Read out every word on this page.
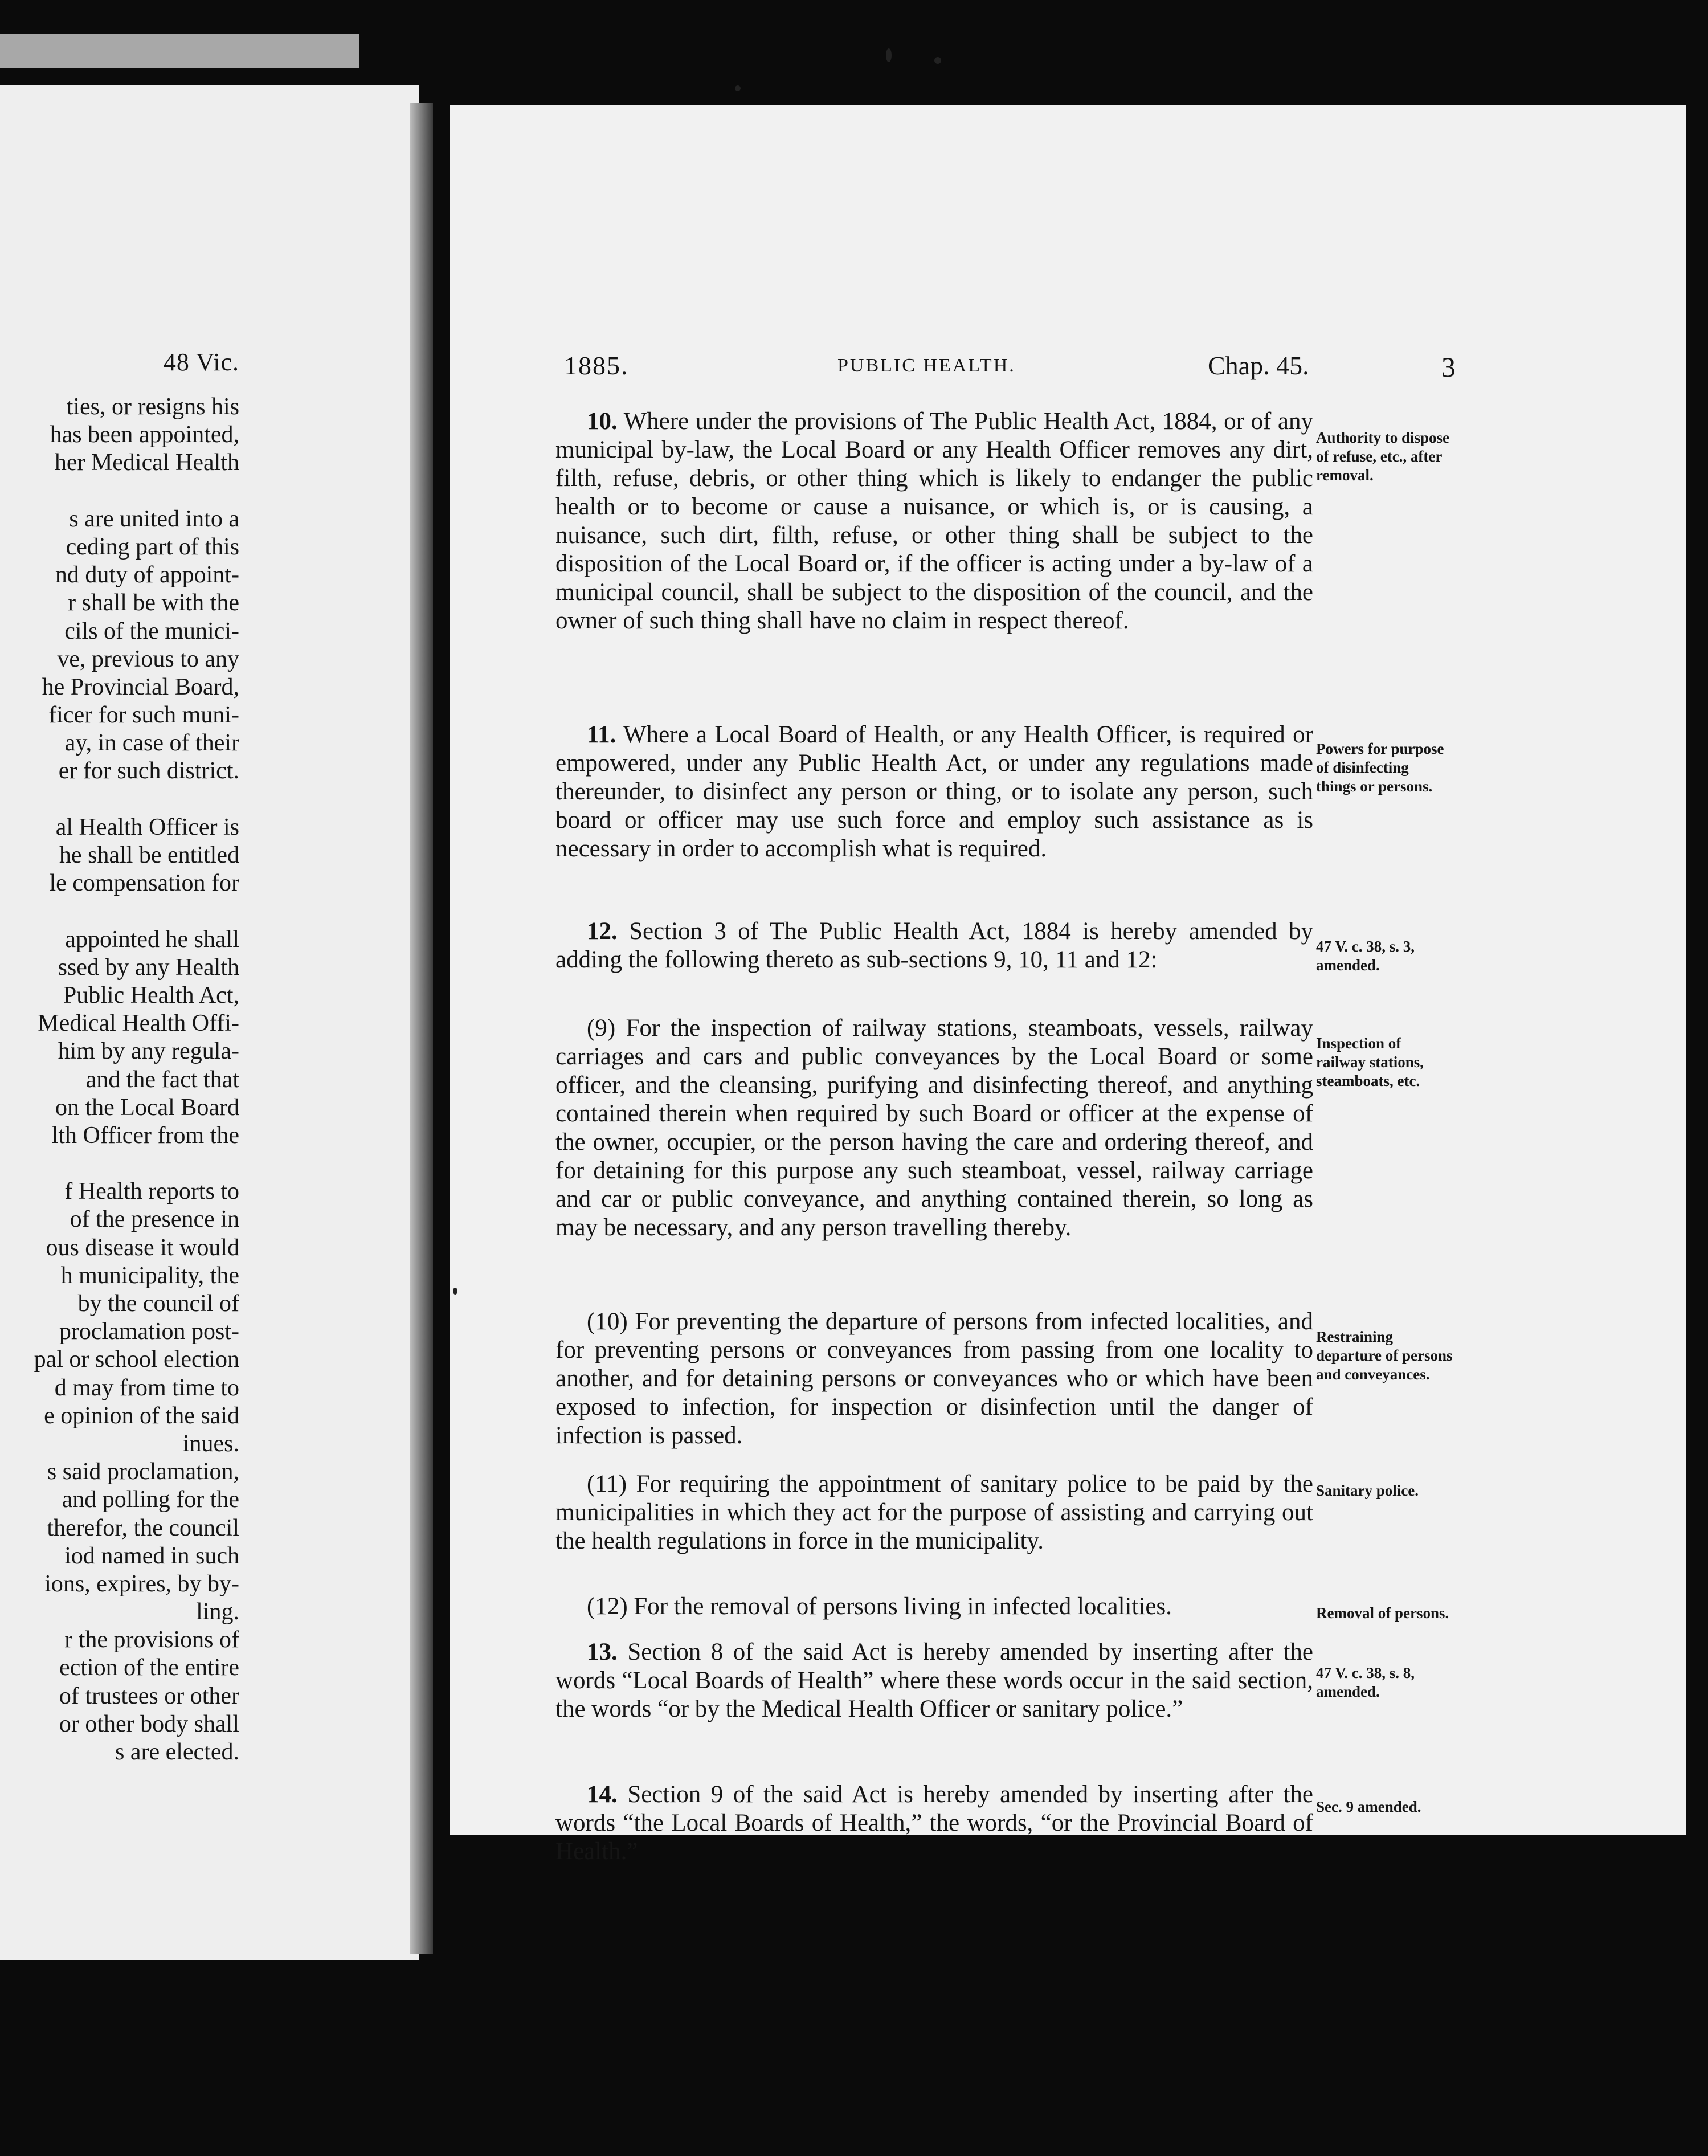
48 Vic.
ties, or resigns his
has been appointed,
her Medical Health

s are united into a
ceding part of this
nd duty of appoint-
r shall be with the
cils of the munici-
ve, previous to any
he Provincial Board,
ficer for such muni-
ay, in case of their
er for such district.

al Health Officer is
he shall be entitled
le compensation for

appointed he shall
ssed by any Health
Public Health Act,
Medical Health Offi-
him by any regula-
and the fact that
on the Local Board
lth Officer from the

f Health reports to
of the presence in
ous disease it would
h municipality, the
by the council of
proclamation post-
pal or school election
d may from time to
e opinion of the said
inues.
s said proclamation,
and polling for the
therefor, the council
iod named in such
ions, expires, by by-
ling.
r the provisions of
ection of the entire
of trustees or other
or other body shall
s are elected.
1885.	PUBLIC HEALTH.	Chap. 45.	3
10. Where under the provisions of The Public Health Act, 1884, or of any municipal by-law, the Local Board or any Health Officer removes any dirt, filth, refuse, debris, or other thing which is likely to endanger the public health or to become or cause a nuisance, or which is, or is causing, a nuisance, such dirt, filth, refuse, or other thing shall be subject to the disposition of the Local Board or, if the officer is acting under a by-law of a municipal council, shall be subject to the disposition of the council, and the owner of such thing shall have no claim in respect thereof.
11. Where a Local Board of Health, or any Health Officer, is required or empowered, under any Public Health Act, or under any regulations made thereunder, to disinfect any person or thing, or to isolate any person, such board or officer may use such force and employ such assistance as is necessary in order to accomplish what is required.
12. Section 3 of The Public Health Act, 1884 is hereby amended by adding the following thereto as sub-sections 9, 10, 11 and 12:
(9) For the inspection of railway stations, steamboats, vessels, railway carriages and cars and public conveyances by the Local Board or some officer, and the cleansing, purifying and disinfecting thereof, and anything contained therein when required by such Board or officer at the expense of the owner, occupier, or the person having the care and ordering thereof, and for detaining for this purpose any such steamboat, vessel, railway carriage and car or public conveyance, and anything contained therein, so long as may be necessary, and any person travelling thereby.
(10) For preventing the departure of persons from infected localities, and for preventing persons or conveyances from passing from one locality to another, and for detaining persons or conveyances who or which have been exposed to infection, for inspection or disinfection until the danger of infection is passed.
(11) For requiring the appointment of sanitary police to be paid by the municipalities in which they act for the purpose of assisting and carrying out the health regulations in force in the municipality.
(12) For the removal of persons living in infected localities.
13. Section 8 of the said Act is hereby amended by inserting after the words “Local Boards of Health” where these words occur in the said section, the words “or by the Medical Health Officer or sanitary police.”
14. Section 9 of the said Act is hereby amended by inserting after the words “the Local Boards of Health,” the words, “or the Provincial Board of Health.”
Authority to dispose of refuse, etc., after removal.
Powers for purpose of disinfecting things or persons.
47 V. c. 38, s. 3, amended.
Inspection of railway stations, steamboats, etc.
Restraining departure of persons and conveyances.
Sanitary police.
Removal of persons.
47 V. c. 38, s. 8, amended.
Sec. 9 amended.
